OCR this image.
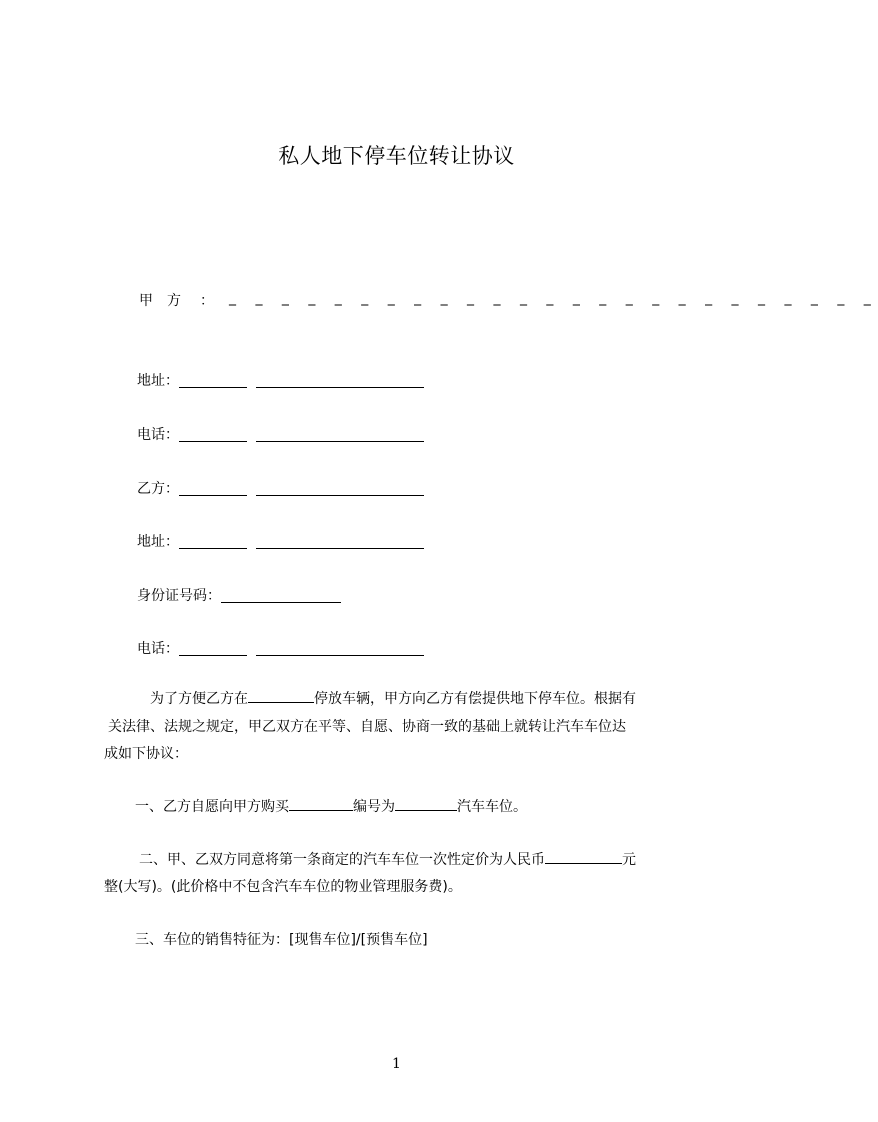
私人地下停车位转让协议
甲方 ： _ _ _ _ _ _ _ _ _ _ _ _ _ _ _ _ _ _ _ _ _ _ _ _ _
地址：
电话：
乙方：
地址：
身份证号码：
电话：
为了方便乙方在	停放车辆，甲方向乙方有偿提供地下停车位。根据有
关法律、法规之规定，甲乙双方在平等、自愿、协商一致的基础上就转让汽车车位达
成如下协议：
一、乙方自愿向甲方购买	编号为	汽车车位。
二、甲、乙双方同意将第一条商定的汽车车位一次性定价为人民币	元
整(大写)。(此价格中不包含汽车车位的物业管理服务费)。
三、车位的销售特征为：[现售车位]/[预售车位]
1
